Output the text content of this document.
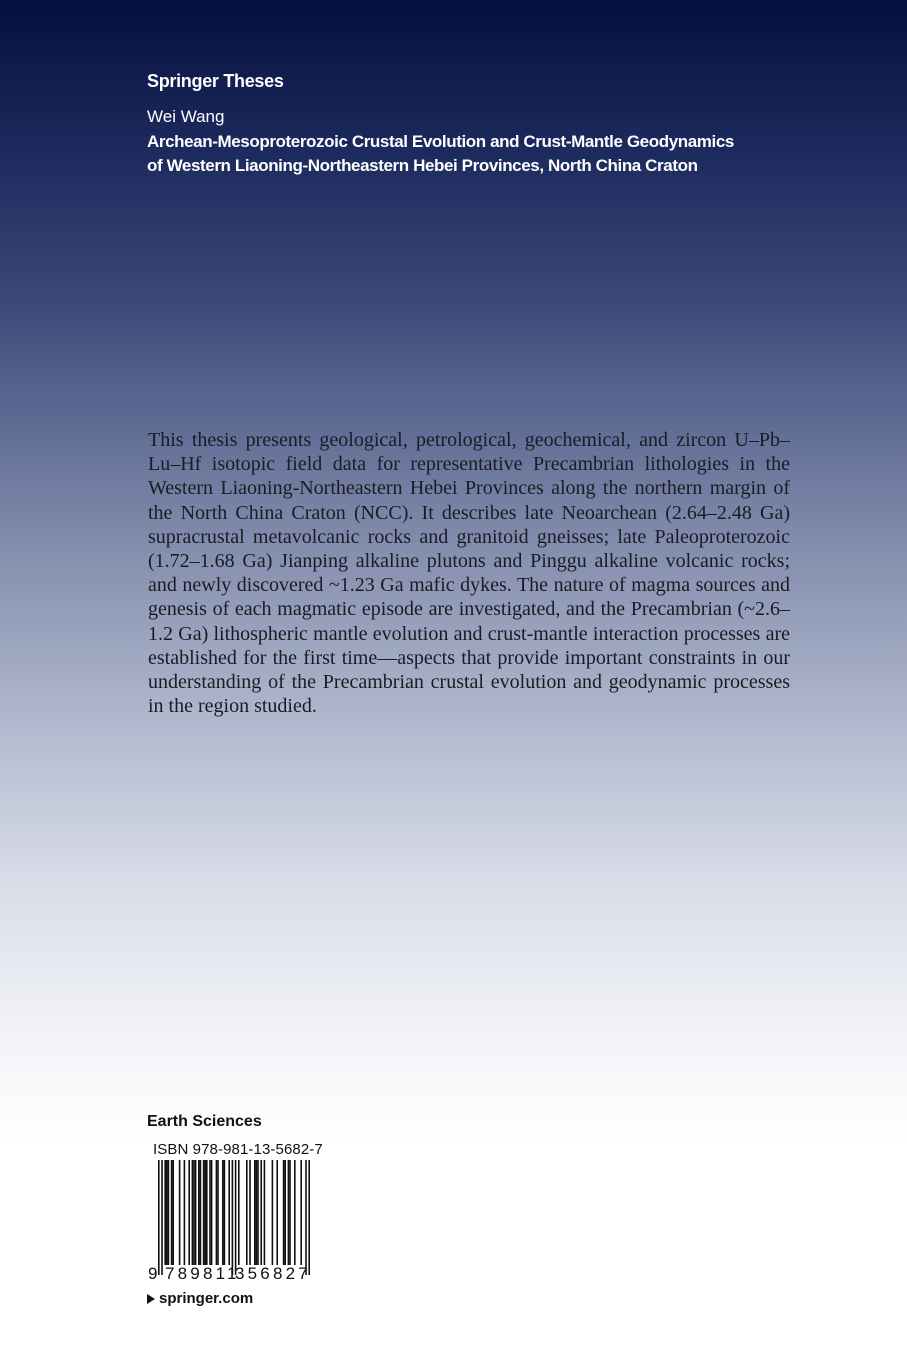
Springer Theses
Wei Wang
Archean-Mesoproterozoic Crustal Evolution and Crust-Mantle Geodynamics
of Western Liaoning-Northeastern Hebei Provinces, North China Craton
This thesis presents geological, petrological, geochemical, and zircon U–Pb–Lu–Hf isotopic field data for representative Precambrian lithologies in the Western Liaoning-Northeastern Hebei Provinces along the northern margin of the North China Craton (NCC). It describes late Neoarchean (2.64–2.48 Ga) supracrustal metavolcanic rocks and granitoid gneisses; late Paleoproterozoic (1.72–1.68 Ga) Jianping alkaline plutons and Pinggu alkaline volcanic rocks; and newly discovered ~1.23 Ga mafic dykes. The nature of magma sources and genesis of each magmatic episode are investigated, and the Precambrian (~2.6–1.2 Ga) lithospheric mantle evolution and crust-mantle interaction processes are established for the first time—aspects that provide important constraints in our understanding of the Precambrian crustal evolution and geodynamic processes in the region studied.
Earth Sciences
ISBN 978-981-13-5682-7
9 789811
356827
springer.com
